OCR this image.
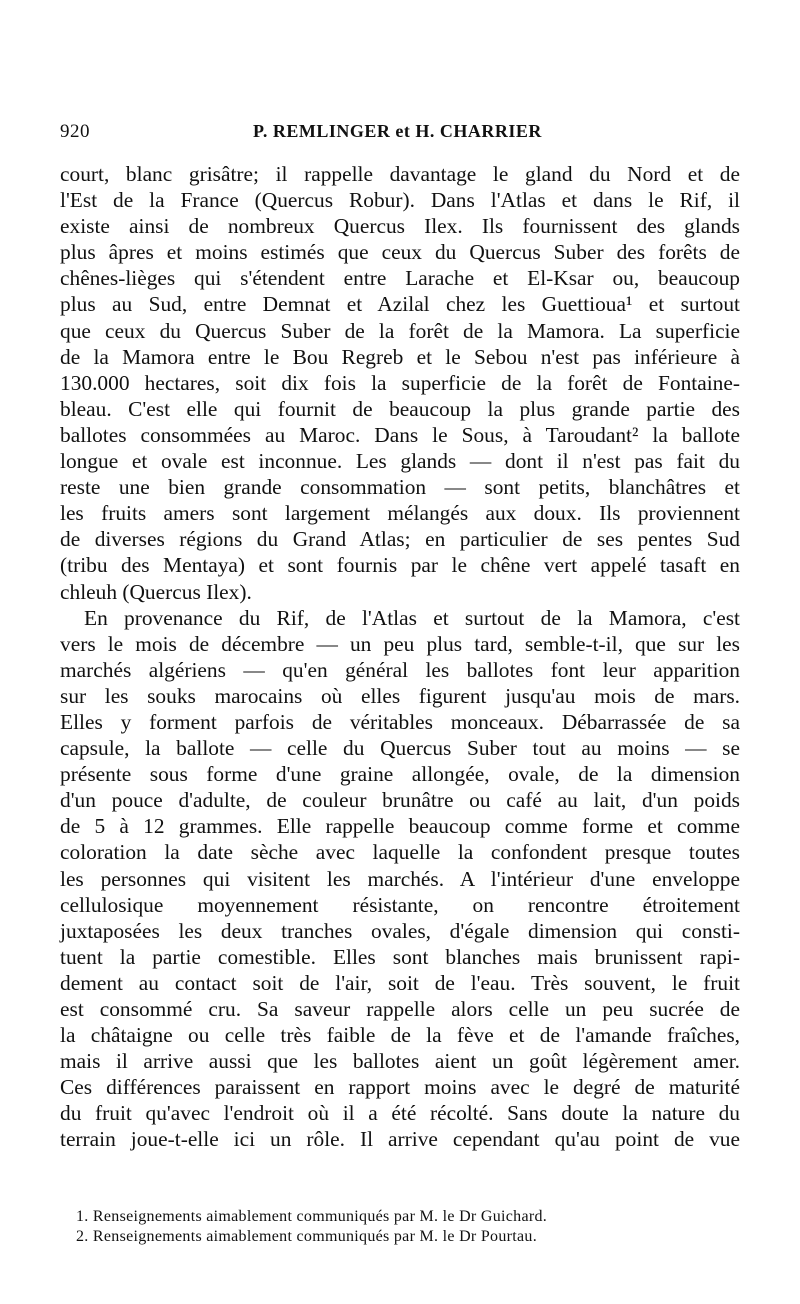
920	P. REMLINGER et H. CHARRIER
court, blanc grisâtre; il rappelle davantage le gland du Nord et de
l'Est de la France (Quercus Robur). Dans l'Atlas et dans le Rif, il
existe ainsi de nombreux Quercus Ilex. Ils fournissent des glands
plus âpres et moins estimés que ceux du Quercus Suber des forêts de
chênes-lièges qui s'étendent entre Larache et El-Ksar ou, beaucoup
plus au Sud, entre Demnat et Azilal chez les Guettioua¹ et surtout
que ceux du Quercus Suber de la forêt de la Mamora. La superficie
de la Mamora entre le Bou Regreb et le Sebou n'est pas inférieure à
130.000 hectares, soit dix fois la superficie de la forêt de Fontaine-
bleau. C'est elle qui fournit de beaucoup la plus grande partie des
ballotes consommées au Maroc. Dans le Sous, à Taroudant² la ballote
longue et ovale est inconnue. Les glands — dont il n'est pas fait du
reste une bien grande consommation — sont petits, blanchâtres et
les fruits amers sont largement mélangés aux doux. Ils proviennent
de diverses régions du Grand Atlas; en particulier de ses pentes Sud
(tribu des Mentaya) et sont fournis par le chêne vert appelé tasaft en
chleuh (Quercus Ilex).
En provenance du Rif, de l'Atlas et surtout de la Mamora, c'est
vers le mois de décembre — un peu plus tard, semble-t-il, que sur les
marchés algériens — qu'en général les ballotes font leur apparition
sur les souks marocains où elles figurent jusqu'au mois de mars.
Elles y forment parfois de véritables monceaux. Débarrassée de sa
capsule, la ballote — celle du Quercus Suber tout au moins — se
présente sous forme d'une graine allongée, ovale, de la dimension
d'un pouce d'adulte, de couleur brunâtre ou café au lait, d'un poids
de 5 à 12 grammes. Elle rappelle beaucoup comme forme et comme
coloration la date sèche avec laquelle la confondent presque toutes
les personnes qui visitent les marchés. A l'intérieur d'une enveloppe
cellulosique moyennement résistante, on rencontre étroitement
juxtaposées les deux tranches ovales, d'égale dimension qui consti-
tuent la partie comestible. Elles sont blanches mais brunissent rapi-
dement au contact soit de l'air, soit de l'eau. Très souvent, le fruit
est consommé cru. Sa saveur rappelle alors celle un peu sucrée de
la châtaigne ou celle très faible de la fève et de l'amande fraîches,
mais il arrive aussi que les ballotes aient un goût légèrement amer.
Ces différences paraissent en rapport moins avec le degré de maturité
du fruit qu'avec l'endroit où il a été récolté. Sans doute la nature du
terrain joue-t-elle ici un rôle. Il arrive cependant qu'au point de vue
1. Renseignements aimablement communiqués par M. le Dr Guichard.
2. Renseignements aimablement communiqués par M. le Dr Pourtau.
